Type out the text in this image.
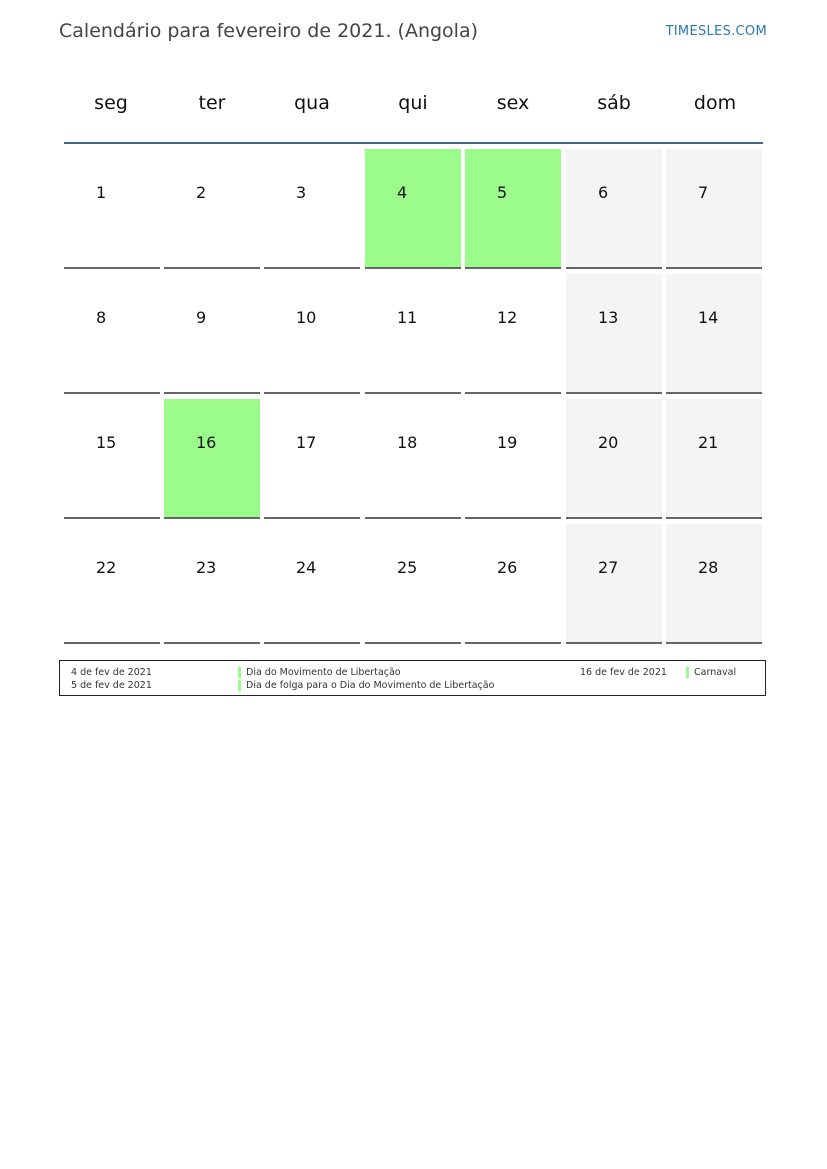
Calendário para fevereiro de 2021. (Angola)	TIMESLES.COM
seg	ter	qua	qui	sex	sáb	dom
1	2	3	4	5	6	7
8	9	10	11	12	13	14
15	16	17	18	19	20	21
22	23	24	25	26	27	28
4 de fev de 2021	Dia do Movimento de Libertação
5 de fev de 2021	Dia de folga para o Dia do Movimento de Libertação
16 de fev de 2021	Carnaval
